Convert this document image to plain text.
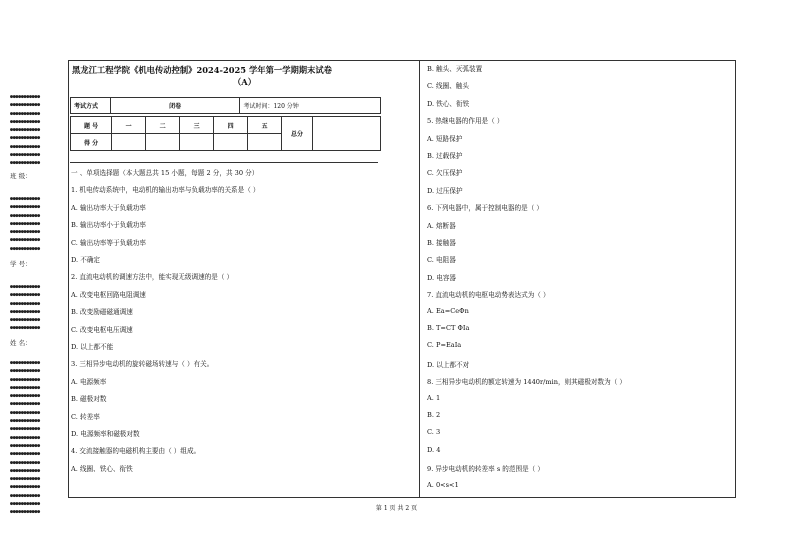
●●●●●●●●●●●
●●●●●●●●●●●
●●●●●●●●●●●
●●●●●●●●●●●
●●●●●●●●●●●
●●●●●●●●●●●
●●●●●●●●●●●
●●●●●●●●●●●
●●●●●●●●●●●
班 级：
●●●●●●●●●●●
●●●●●●●●●●●
●●●●●●●●●●●
●●●●●●●●●●●
●●●●●●●●●●●
●●●●●●●●●●●
●●●●●●●●●●●
学 号：
●●●●●●●●●●●
●●●●●●●●●●●
●●●●●●●●●●●
●●●●●●●●●●●
●●●●●●●●●●●
●●●●●●●●●●●
姓 名：
●●●●●●●●●●●
●●●●●●●●●●●
●●●●●●●●●●●
●●●●●●●●●●●
●●●●●●●●●●●
●●●●●●●●●●●
●●●●●●●●●●●
●●●●●●●●●●●
●●●●●●●●●●●
●●●●●●●●●●●
●●●●●●●●●●●
●●●●●●●●●●●
●●●●●●●●●●●
●●●●●●●●●●●
●●●●●●●●●●●
●●●●●●●●●●●
●●●●●●●●●●●
●●●●●●●●●●●
●●●●●●●●●●●
黑龙江工程学院《机电传动控制》2024-2025 学年第一学期期末试卷
（A）
考试方式	闭卷	考试时间：120 分钟
题 号	一	二	三	四	五	总分	
得 分							
一 、单项选择题（本大题总共 15 小题，每题 2 分，共 30 分）
1. 机电传动系统中，电动机的输出功率与负载功率的关系是（ ）
A. 输出功率大于负载功率
B. 输出功率小于负载功率
C. 输出功率等于负载功率
D. 不确定
2. 直流电动机的调速方法中，能实现无级调速的是（ ）
A. 改变电枢回路电阻调速
B. 改变励磁磁通调速
C. 改变电枢电压调速
D. 以上都不能
3. 三相异步电动机的旋转磁场转速与（ ）有关。
A. 电源频率
B. 磁极对数
C. 转差率
D. 电源频率和磁极对数
4. 交流接触器的电磁机构主要由（ ）组成。
A. 线圈、铁心、衔铁
B. 触头、灭弧装置
C. 线圈、触头
D. 铁心、衔铁
5. 热继电器的作用是（ ）
A. 短路保护
B. 过载保护
C. 欠压保护
D. 过压保护
6. 下列电器中，属于控制电器的是（ ）
A. 熔断器
B. 接触器
C. 电阻器
D. 电容器
7. 直流电动机的电枢电动势表达式为（ ）
A. Ea=CeΦn
B. T=CT ΦIa
C. P=EaIa
D. 以上都不对
8. 三相异步电动机的额定转速为 1440r/min，则其磁极对数为（ ）
A. 1
B. 2
C. 3
D. 4
9. 异步电动机的转差率 s 的范围是（ ）
A. 0<s<1
第 1 页 共 2 页
